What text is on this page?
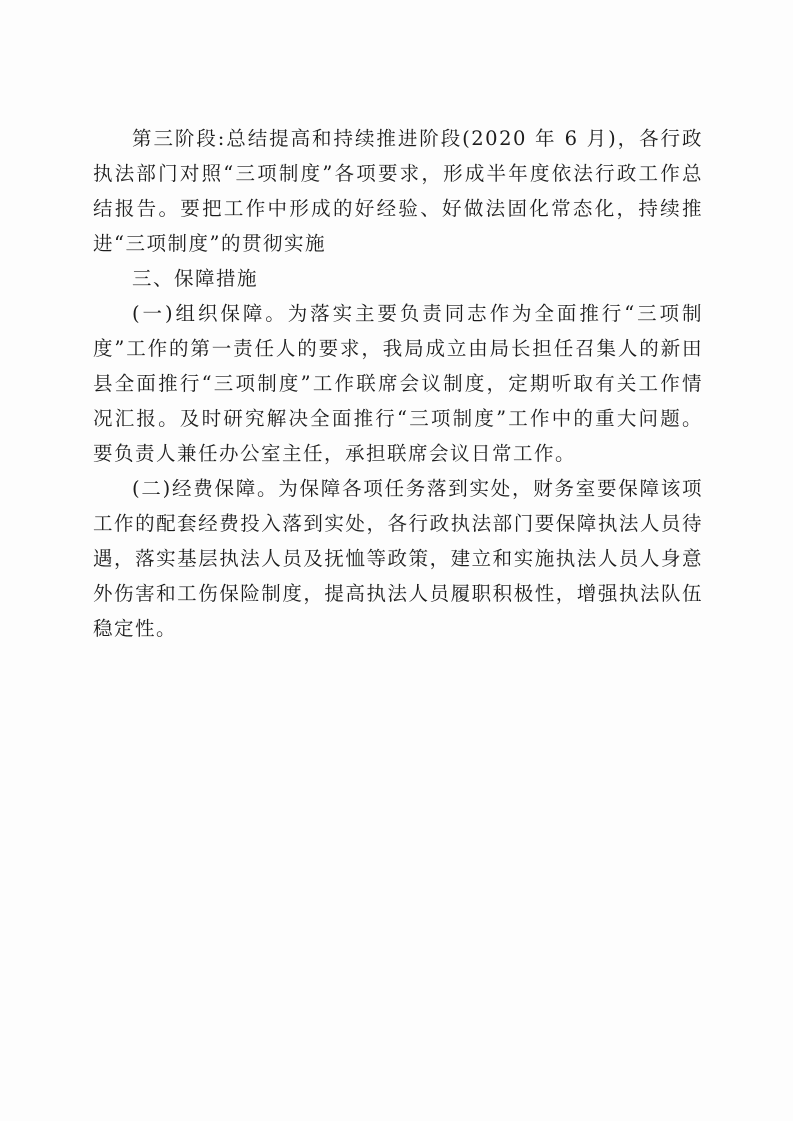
第三阶段:总结提高和持续推进阶段(2020 年 6 月)，各行政执法部门对照“三项制度”各项要求，形成半年度依法行政工作总结报告。要把工作中形成的好经验、好做法固化常态化，持续推进“三项制度”的贯彻实施

三、保障措施

(一)组织保障。为落实主要负责同志作为全面推行“三项制度”工作的第一责任人的要求，我局成立由局长担任召集人的新田县全面推行“三项制度”工作联席会议制度，定期听取有关工作情况汇报。及时研究解决全面推行“三项制度”工作中的重大问题。要负责人兼任办公室主任，承担联席会议日常工作。

(二)经费保障。为保障各项任务落到实处，财务室要保障该项工作的配套经费投入落到实处，各行政执法部门要保障执法人员待遇，落实基层执法人员及抚恤等政策，建立和实施执法人员人身意外伤害和工伤保险制度，提高执法人员履职积极性，增强执法队伍稳定性。
